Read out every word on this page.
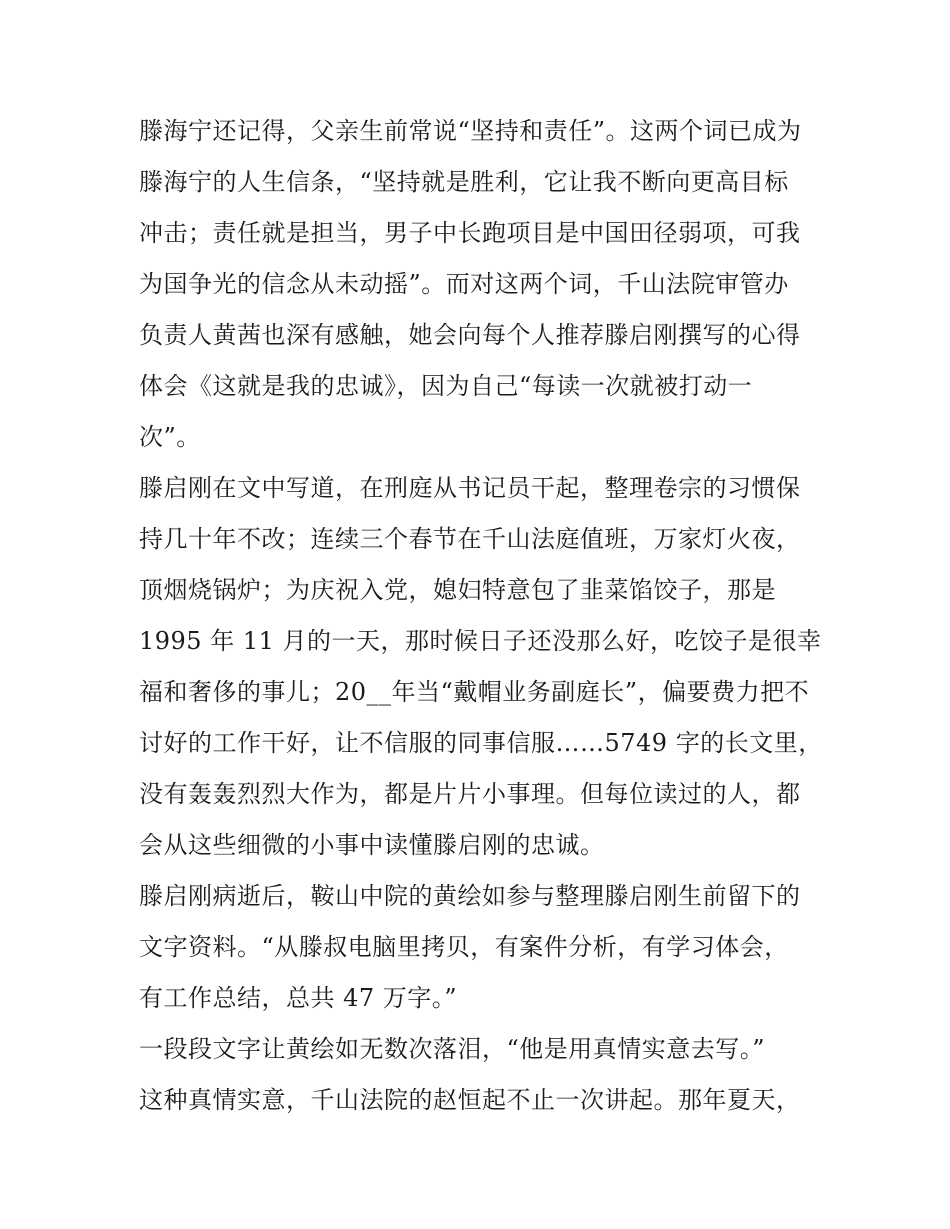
滕海宁还记得，父亲生前常说“坚持和责任”。这两个词已成为
滕海宁的人生信条，“坚持就是胜利，它让我不断向更高目标
冲击；责任就是担当，男子中长跑项目是中国田径弱项，可我
为国争光的信念从未动摇”。而对这两个词，千山法院审管办
负责人黄茜也深有感触，她会向每个人推荐滕启刚撰写的心得
体会《这就是我的忠诚》，因为自己“每读一次就被打动一
次”。
滕启刚在文中写道，在刑庭从书记员干起，整理卷宗的习惯保
持几十年不改；连续三个春节在千山法庭值班，万家灯火夜，
顶烟烧锅炉；为庆祝入党，媳妇特意包了韭菜馅饺子，那是
1995 年 11 月的一天，那时候日子还没那么好，吃饺子是很幸
福和奢侈的事儿；20__年当“戴帽业务副庭长”，偏要费力把不
讨好的工作干好，让不信服的同事信服……5749 字的长文里，
没有轰轰烈烈大作为，都是片片小事理。但每位读过的人，都
会从这些细微的小事中读懂滕启刚的忠诚。
滕启刚病逝后，鞍山中院的黄绘如参与整理滕启刚生前留下的
文字资料。“从滕叔电脑里拷贝，有案件分析，有学习体会，
有工作总结，总共 47 万字。”
一段段文字让黄绘如无数次落泪，“他是用真情实意去写。”
这种真情实意，千山法院的赵恒起不止一次讲起。那年夏天，
